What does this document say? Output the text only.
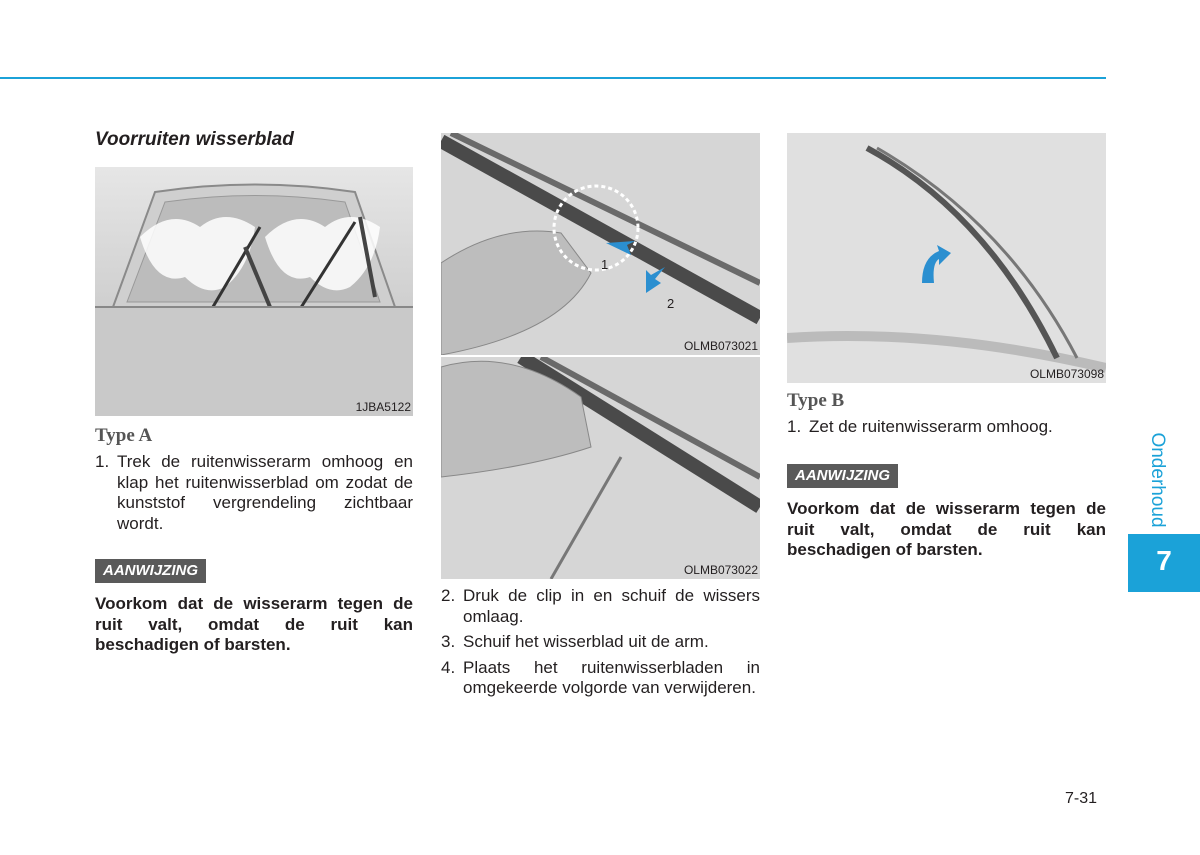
Voorruiten wisserblad
1JBA5122
Type A
1. Trek de ruitenwisserarm omhoog en klap het ruitenwisserblad om zodat de kunststof vergrendeling zichtbaar wordt.
AANWIJZING

Voorkom dat de wisserarm tegen de ruit valt, omdat de ruit kan beschadigen of barsten.

1
2
OLMB073021
OLMB073022
2. Druk de clip in en schuif de wissers omlaag.
3. Schuif het wisserblad uit de arm.
4. Plaats het ruitenwisserbladen in omgekeerde volgorde van verwijderen.
OLMB073098
Type B
1. Zet de ruitenwisserarm omhoog.
AANWIJZING

Voorkom dat de wisserarm tegen de ruit valt, omdat de ruit kan beschadigen of barsten.

Onderhoud
7
7-31
